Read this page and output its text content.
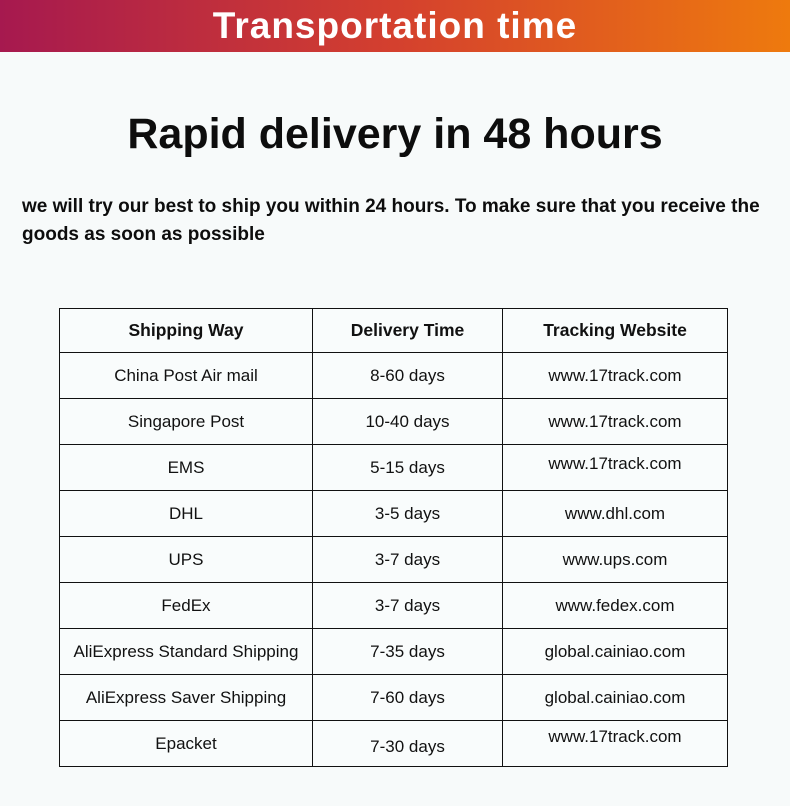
Transportation time
Rapid delivery in 48 hours
we will try our best to ship you within 24 hours. To make sure that you receive the goods as soon as possible
Shipping Way	Delivery Time	Tracking Website
China Post Air mail	8-60 days	www.17track.com
Singapore Post	10-40 days	www.17track.com
EMS	5-15 days	www.17track.com
DHL	3-5 days	www.dhl.com
UPS	3-7 days	www.ups.com
FedEx	3-7 days	www.fedex.com
AliExpress Standard Shipping	7-35 days	global.cainiao.com
AliExpress Saver Shipping	7-60 days	global.cainiao.com
Epacket	7-30 days	www.17track.com
